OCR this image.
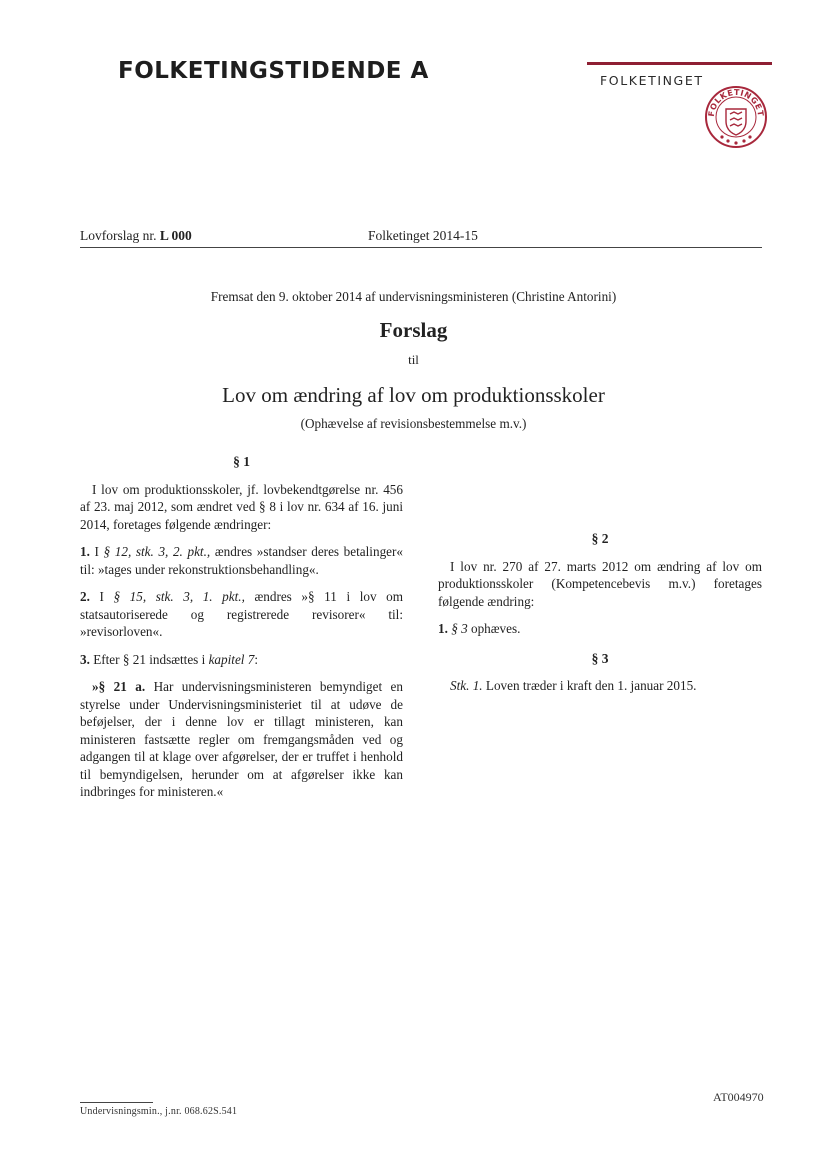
FOLKETINGSTIDENDE A	FOLKETINGET
FOLKETINGET
Lovforslag nr. L 000	Folketinget 2014-15
Fremsat den 9. oktober 2014 af undervisningsministeren (Christine Antorini)
Forslag
til
Lov om ændring af lov om produktionsskoler
(Ophævelse af revisionsbestemmelse m.v.)

§ 1

I lov om produktionsskoler, jf. lovbekendtgørelse nr. 456 af 23. maj 2012, som ændret ved § 8 i lov nr. 634 af 16. juni 2014, foretages følgende ændringer:

1. I § 12, stk. 3, 2. pkt., ændres »standser deres betalinger« til: »tages under rekonstruktionsbehandling«.

2. I § 15, stk. 3, 1. pkt., ændres »§ 11 i lov om statsautoriserede og registrerede revisorer« til: »revisorloven«.

3. Efter § 21 indsættes i kapitel 7:

»§ 21 a. Har undervisningsministeren bemyndiget en styrelse under Undervisningsministeriet til at udøve de beføjelser, der i denne lov er tillagt ministeren, kan ministeren fastsætte regler om fremgangsmåden ved og adgangen til at klage over afgørelser, der er truffet i henhold til bemyndigelsen, herunder om at afgørelser ikke kan indbringes for ministeren.«

§ 2

I lov nr. 270 af 27. marts 2012 om ændring af lov om produktionsskoler (Kompetencebevis m.v.) foretages følgende ændring:

1. § 3 ophæves.

§ 3

Stk. 1. Loven træder i kraft den 1. januar 2015.

AT004970
Undervisningsmin., j.nr. 068.62S.541
